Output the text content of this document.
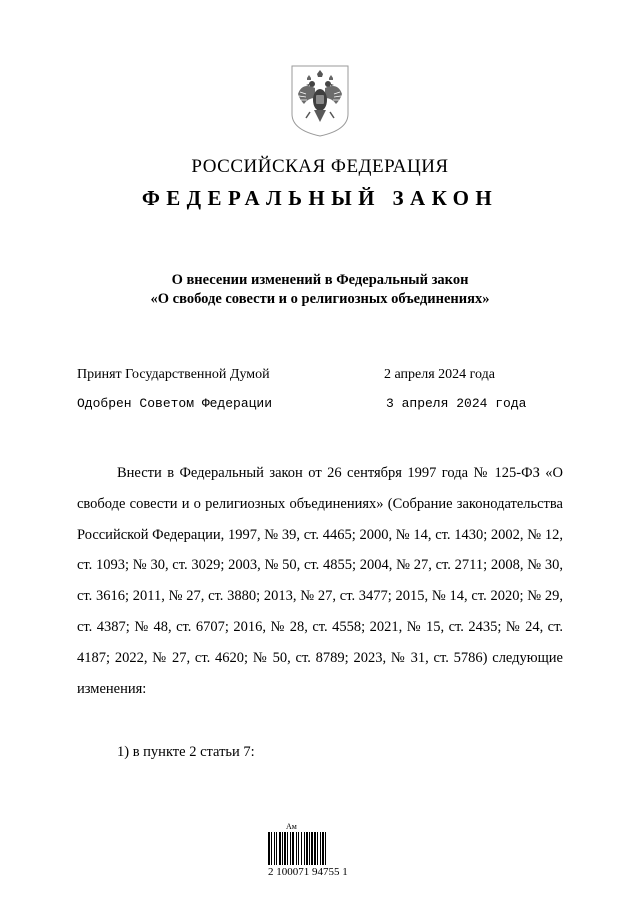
РОССИЙСКАЯ ФЕДЕРАЦИЯ
ФЕДЕРАЛЬНЫЙ ЗАКОН
О внесении изменений в Федеральный закон
«О свободе совести и о религиозных объединениях»
Принят Государственной Думой	2 апреля 2024 года
Одобрен Советом Федерации	3 апреля 2024 года

Внести в Федеральный закон от 26 сентября 1997 года № 125-ФЗ «О свободе совести и о религиозных объединениях» (Собрание законодательства Российской Федерации, 1997, № 39, ст. 4465; 2000, № 14, ст. 1430; 2002, № 12, ст. 1093; № 30, ст. 3029; 2003, № 50, ст. 4855; 2004, № 27, ст. 2711; 2008, № 30, ст. 3616; 2011, № 27, ст. 3880; 2013, № 27, ст. 3477; 2015, № 14, ст. 2020; № 29, ст. 4387; № 48, ст. 6707; 2016, № 28, ст. 4558; 2021, № 15, ст. 2435; № 24, ст. 4187; 2022, № 27, ст. 4620; № 50, ст. 8789; 2023, № 31, ст. 5786) следующие изменения:

1) в пункте 2 статьи 7:

Ам
2 100071 94755 1
